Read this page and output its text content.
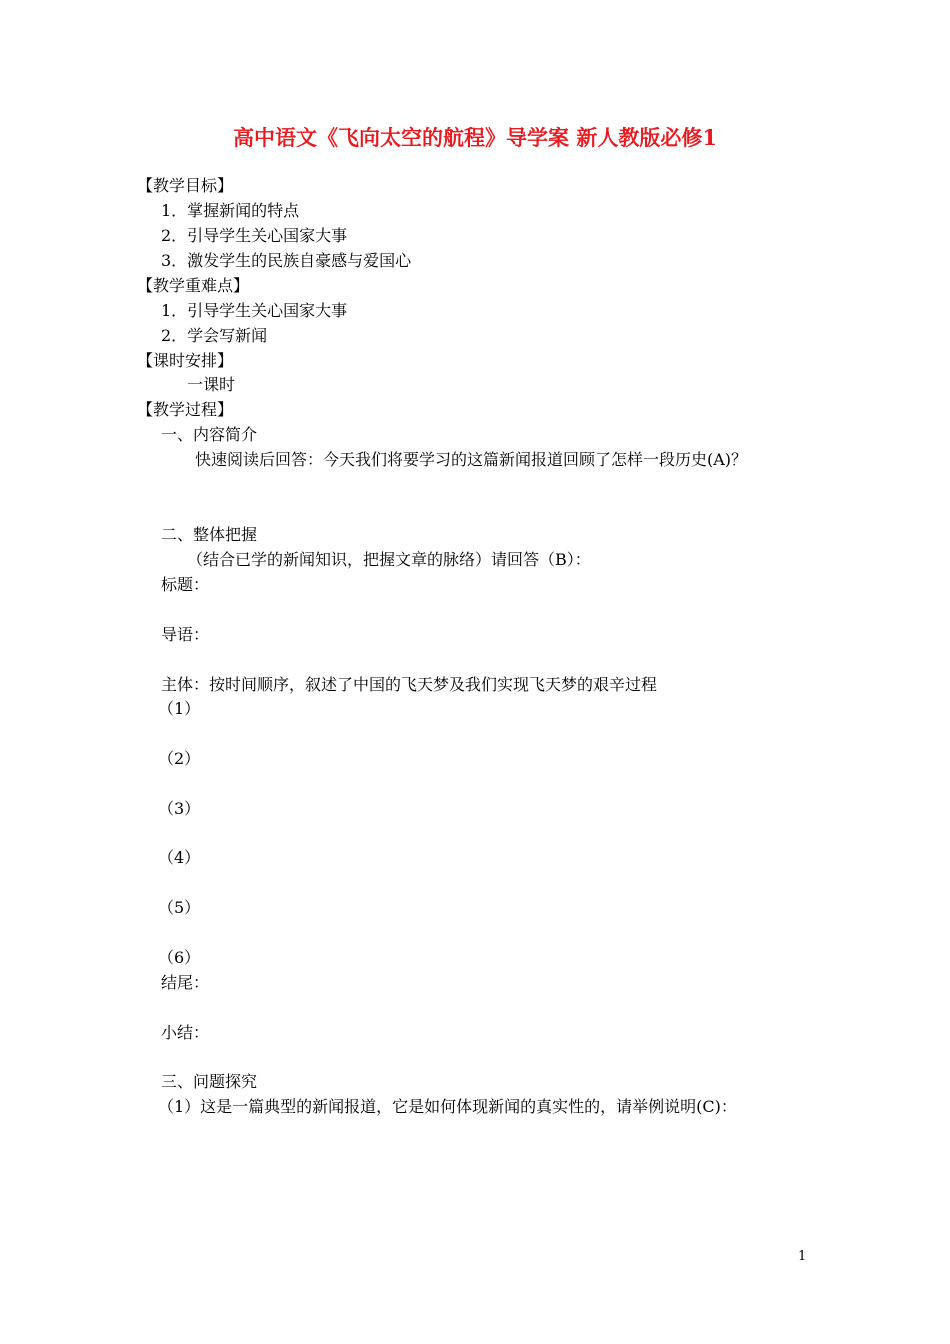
高中语文《飞向太空的航程》导学案 新人教版必修1
【教学目标】
1．掌握新闻的特点
2．引导学生关心国家大事
3．激发学生的民族自豪感与爱国心
【教学重难点】
1．引导学生关心国家大事
2．学会写新闻
【课时安排】
一课时
【教学过程】
一、内容简介
快速阅读后回答：今天我们将要学习的这篇新闻报道回顾了怎样一段历史(A)？
二、整体把握
（结合已学的新闻知识，把握文章的脉络）请回答（B）：
标题：
导语：
主体：按时间顺序，叙述了中国的飞天梦及我们实现飞天梦的艰辛过程
（1）
（2）
（3）
（4）
（5）
（6）
结尾：
小结：
三、问题探究
（1）这是一篇典型的新闻报道，它是如何体现新闻的真实性的，请举例说明(C)：
1
